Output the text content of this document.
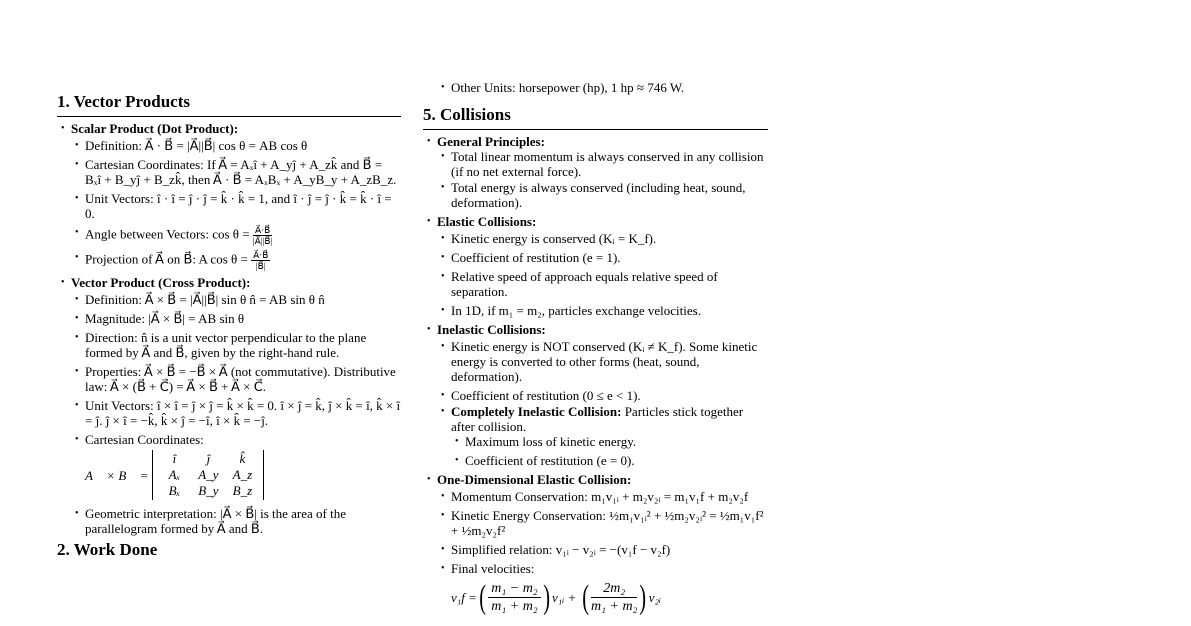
1. Vector Products
• Scalar Product (Dot Product):
• Definition: A⃗ · B⃗ = |A⃗||B⃗| cos θ = AB cos θ
• Cartesian Coordinates: If A⃗ = Aₓî + A_yĵ + A_zk̂ and B⃗ = Bₓî + B_yĵ + B_zk̂, then A⃗ · B⃗ = AₓBₓ + A_yB_y + A_zB_z.
• Unit Vectors: î · î = ĵ · ĵ = k̂ · k̂ = 1, and î · ĵ = ĵ · k̂ = k̂ · î = 0.
• Angle between Vectors: $\cos \theta = \frac{A⃗\cdot B⃗}{|A⃗||B⃗|}$
• Projection of A⃗ on B⃗: A $\cos \theta = \frac{A⃗\cdot B⃗}{|B⃗|}$
• Vector Product (Cross Product):
• Definition: A⃗ × B⃗ = |A⃗||B⃗| sin θ n̂ = AB sin θ n̂
• Magnitude: |A⃗ × B⃗| = AB sin θ
• Direction: n̂ is a unit vector perpendicular to the plane formed by A⃗ and B⃗, given by the right-hand rule.
• Properties: A⃗ × B⃗ = −B⃗ × A⃗ (not commutative). Distributive law: A⃗ × (B⃗ + C⃗) = A⃗ × B⃗ + A⃗ × C⃗.
• Unit Vectors: î × î = ĵ × ĵ = k̂ × k̂ = 0. î × ĵ = k̂, ĵ × k̂ = î, k̂ × î = ĵ. ĵ × î = −k̂, k̂ × ĵ = −î, î × k̂ = −ĵ.
• Cartesian Coordinates:
A⃗ × B⃗ =
î	ĵ	k̂
Aₓ	A_y	A_z
Bₓ	B_y	B_z
• Geometric interpretation: |A⃗ × B⃗| is the area of the parallelogram formed by A⃗ and B⃗.
2. Work Done
• Other Units: horsepower (hp), 1 hp ≈ 746 W.
5. Collisions
• General Principles:
• Total linear momentum is always conserved in any collision (if no net external force).
• Total energy is always conserved (including heat, sound, deformation).
• Elastic Collisions:
• Kinetic energy is conserved (Kᵢ = K_f).
• Coefficient of restitution (e = 1).
• Relative speed of approach equals relative speed of separation.
• In 1D, if m₁ = m₂, particles exchange velocities.
• Inelastic Collisions:
• Kinetic energy is NOT conserved (Kᵢ ≠ K_f). Some kinetic energy is converted to other forms (heat, sound, deformation).
• Coefficient of restitution (0 ≤ e < 1).
• Completely Inelastic Collision: Particles stick together after collision.
• Maximum loss of kinetic energy.
• Coefficient of restitution (e = 0).
• One-Dimensional Elastic Collision:
• Momentum Conservation: m₁v₁ᵢ + m₂v₂ᵢ = m₁v₁f + m₂v₂f
• Kinetic Energy Conservation: ½m₁v₁ᵢ² + ½m₂v₂ᵢ² = ½m₁v₁f² + ½m₂v₂f²
• Simplified relation: v₁ᵢ − v₂ᵢ = −(v₁f − v₂f)
• Final velocities:
v₁f = ( $\frac{\text{m₁ − m₂}}{\text{m₁ + m₂}}$ ) v₁ᵢ + ( $\frac{\text{2m₂}}{\text{m₁ + m₂}}$ ) v₂ᵢ
